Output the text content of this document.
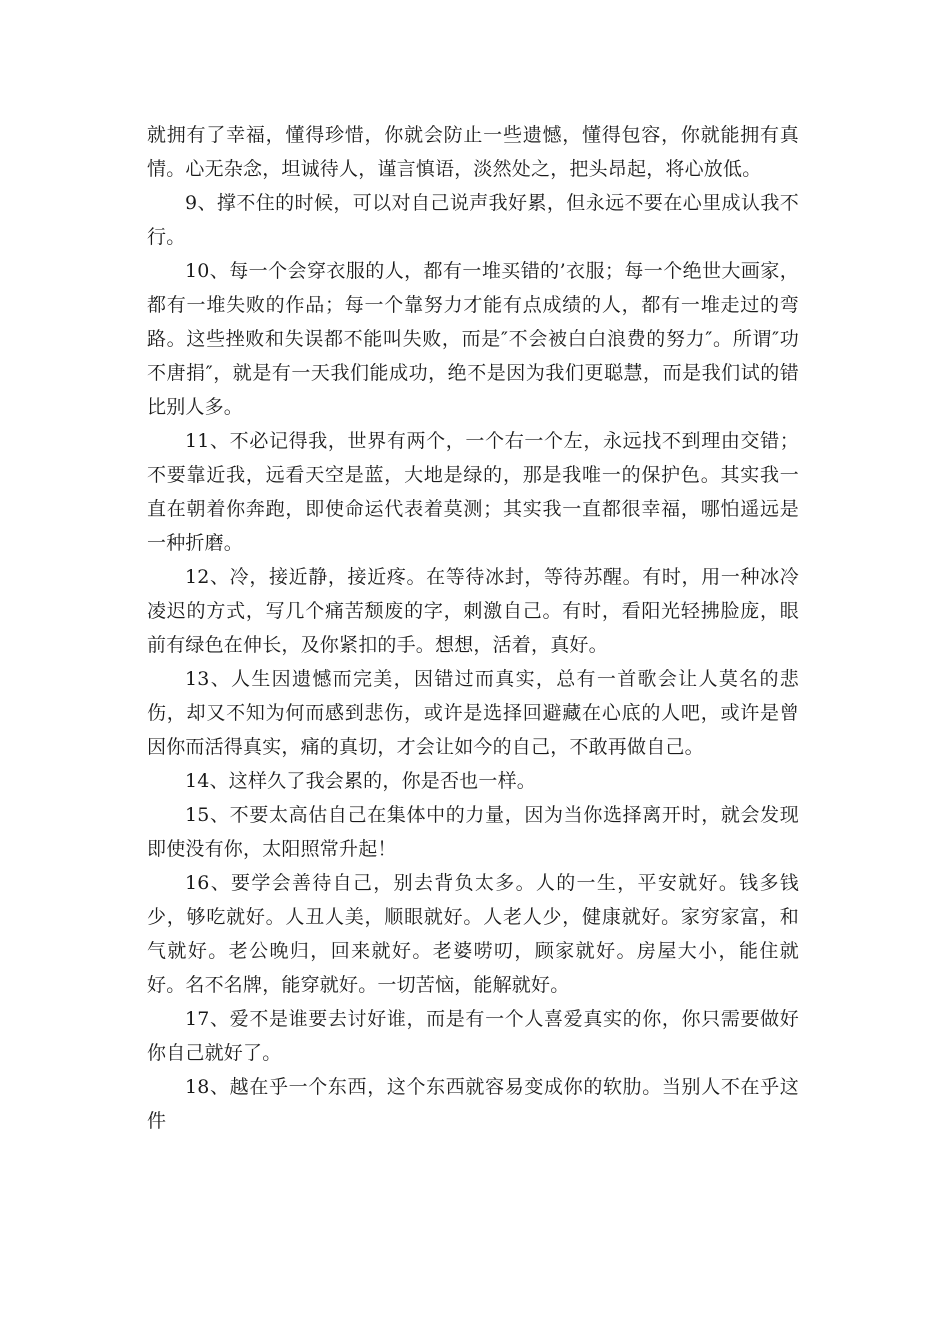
就拥有了幸福，懂得珍惜，你就会防止一些遗憾，懂得包容，你就能拥有真情。心无杂念，坦诚待人，谨言慎语，淡然处之，把头昂起，将心放低。

9、撑不住的时候，可以对自己说声我好累，但永远不要在心里成认我不行。

10、每一个会穿衣服的人，都有一堆买错的’衣服；每一个绝世大画家，都有一堆失败的作品；每一个靠努力才能有点成绩的人，都有一堆走过的弯路。这些挫败和失误都不能叫失败，而是″不会被白白浪费的努力″。所谓″功不唐捐″，就是有一天我们能成功，绝不是因为我们更聪慧，而是我们试的错比别人多。

11、不必记得我，世界有两个，一个右一个左，永远找不到理由交错；不要靠近我，远看天空是蓝，大地是绿的，那是我唯一的保护色。其实我一直在朝着你奔跑，即使命运代表着莫测；其实我一直都很幸福，哪怕遥远是一种折磨。

12、冷，接近静，接近疼。在等待冰封，等待苏醒。有时，用一种冰冷凌迟的方式，写几个痛苦颓废的字，刺激自己。有时，看阳光轻拂脸庞，眼前有绿色在伸长，及你紧扣的手。想想，活着，真好。

13、人生因遗憾而完美，因错过而真实，总有一首歌会让人莫名的悲伤，却又不知为何而感到悲伤，或许是选择回避藏在心底的人吧，或许是曾因你而活得真实，痛的真切，才会让如今的自己，不敢再做自己。

14、这样久了我会累的，你是否也一样。

15、不要太高估自己在集体中的力量，因为当你选择离开时，就会发现即使没有你，太阳照常升起！

16、要学会善待自己，别去背负太多。人的一生，平安就好。钱多钱少，够吃就好。人丑人美，顺眼就好。人老人少，健康就好。家穷家富，和气就好。老公晚归，回来就好。老婆唠叨，顾家就好。房屋大小，能住就好。名不名牌，能穿就好。一切苦恼，能解就好。

17、爱不是谁要去讨好谁，而是有一个人喜爱真实的你，你只需要做好你自己就好了。

18、越在乎一个东西，这个东西就容易变成你的软肋。当别人不在乎这件
